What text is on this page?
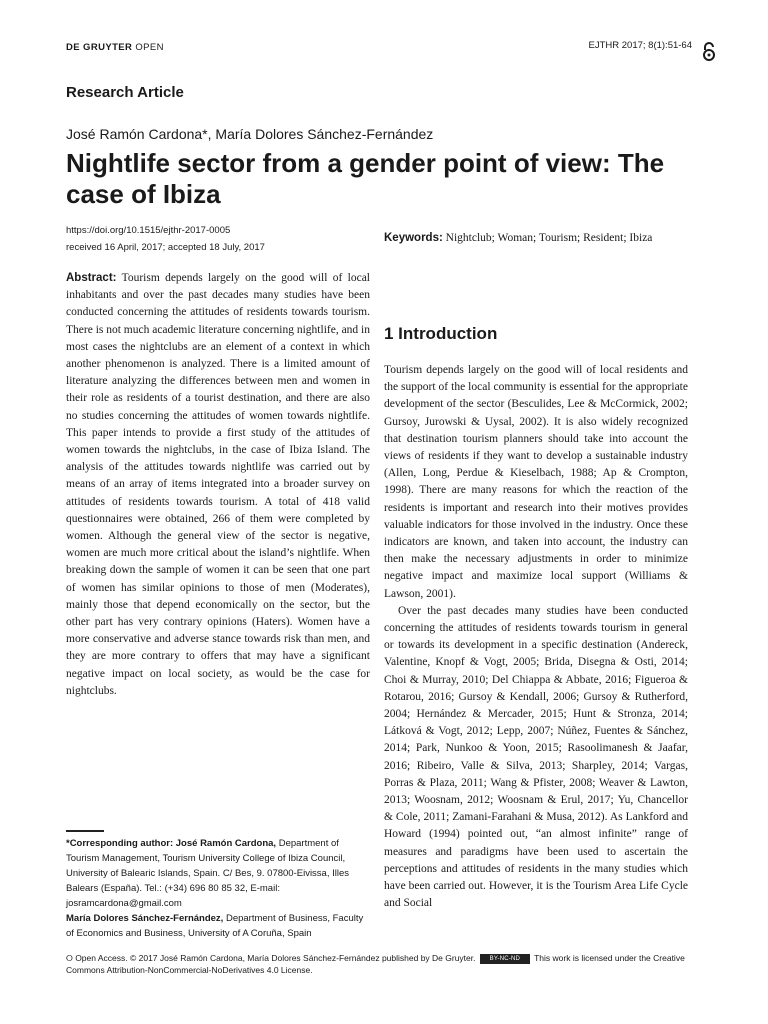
DE GRUYTER OPEN	EJTHR 2017; 8(1):51-64
Research Article
José Ramón Cardona*, María Dolores Sánchez-Fernández
Nightlife sector from a gender point of view: The case of Ibiza
https://doi.org/10.1515/ejthr-2017-0005
received 16 April, 2017; accepted 18 July, 2017
Keywords: Nightclub; Woman; Tourism; Resident; Ibiza
Abstract: Tourism depends largely on the good will of local inhabitants and over the past decades many studies have been conducted concerning the attitudes of residents towards tourism. There is not much academic literature concerning nightlife, and in most cases the nightclubs are an element of a context in which another phenomenon is analyzed. There is a limited amount of literature analyzing the differences between men and women in their role as residents of a tourist destination, and there are also no studies concerning the attitudes of women towards nightlife. This paper intends to provide a first study of the attitudes of women towards the nightclubs, in the case of Ibiza Island. The analysis of the attitudes towards nightlife was carried out by means of an array of items integrated into a broader survey on attitudes of residents towards tourism. A total of 418 valid questionnaires were obtained, 266 of them were completed by women. Although the general view of the sector is negative, women are much more critical about the island’s nightlife. When breaking down the sample of women it can be seen that one part of women has similar opinions to those of men (Moderates), mainly those that depend economically on the sector, but the other part has very contrary opinions (Haters). Women have a more conservative and adverse stance towards risk than men, and they are more contrary to offers that may have a significant negative impact on local society, as would be the case for nightclubs.
*Corresponding author: José Ramón Cardona, Department of Tourism Management, Tourism University College of Ibiza Council, University of Balearic Islands, Spain. C/ Bes, 9. 07800-Eivissa, Illes Balears (España). Tel.: (+34) 696 80 85 32, E-mail: josramcardona@gmail.com
María Dolores Sánchez-Fernández, Department of Business, Faculty of Economics and Business, University of A Coruña, Spain
1 Introduction

Tourism depends largely on the good will of local residents and the support of the local community is essential for the appropriate development of the sector (Besculides, Lee & McCormick, 2002; Gursoy, Jurowski & Uysal, 2002). It is also widely recognized that destination tourism planners should take into account the views of residents if they want to develop a sustainable industry (Allen, Long, Perdue & Kieselbach, 1988; Ap & Crompton, 1998). There are many reasons for which the reaction of the residents is important and research into their motives provides valuable indicators for those involved in the industry. Once these indicators are known, and taken into account, the industry can then make the necessary adjustments in order to minimize negative impact and maximize local support (Williams & Lawson, 2001).

Over the past decades many studies have been conducted concerning the attitudes of residents towards tourism in general or towards its development in a specific destination (Andereck, Valentine, Knopf & Vogt, 2005; Brida, Disegna & Osti, 2014; Choi & Murray, 2010; Del Chiappa & Abbate, 2016; Figueroa & Rotarou, 2016; Gursoy & Kendall, 2006; Gursoy & Rutherford, 2004; Hernández & Mercader, 2015; Hunt & Stronza, 2014; Látková & Vogt, 2012; Lepp, 2007; Núñez, Fuentes & Sánchez, 2014; Park, Nunkoo & Yoon, 2015; Rasoolimanesh & Jaafar, 2016; Ribeiro, Valle & Silva, 2013; Sharpley, 2014; Vargas, Porras & Plaza, 2011; Wang & Pfister, 2008; Weaver & Lawton, 2013; Woosnam, 2012; Woosnam & Erul, 2017; Yu, Chancellor & Cole, 2011; Zamani-Farahani & Musa, 2012). As Lankford and Howard (1994) pointed out, “an almost infinite” range of measures and paradigms have been used to ascertain the perceptions and attitudes of residents in the many studies which have been carried out. However, it is the Tourism Area Life Cycle and Social

⭘ Open Access. © 2017 José Ramón Cardona, María Dolores Sánchez-Fernández published by De Gruyter. BY-NC-ND This work is licensed under the Creative Commons Attribution-NonCommercial-NoDerivatives 4.0 License.
